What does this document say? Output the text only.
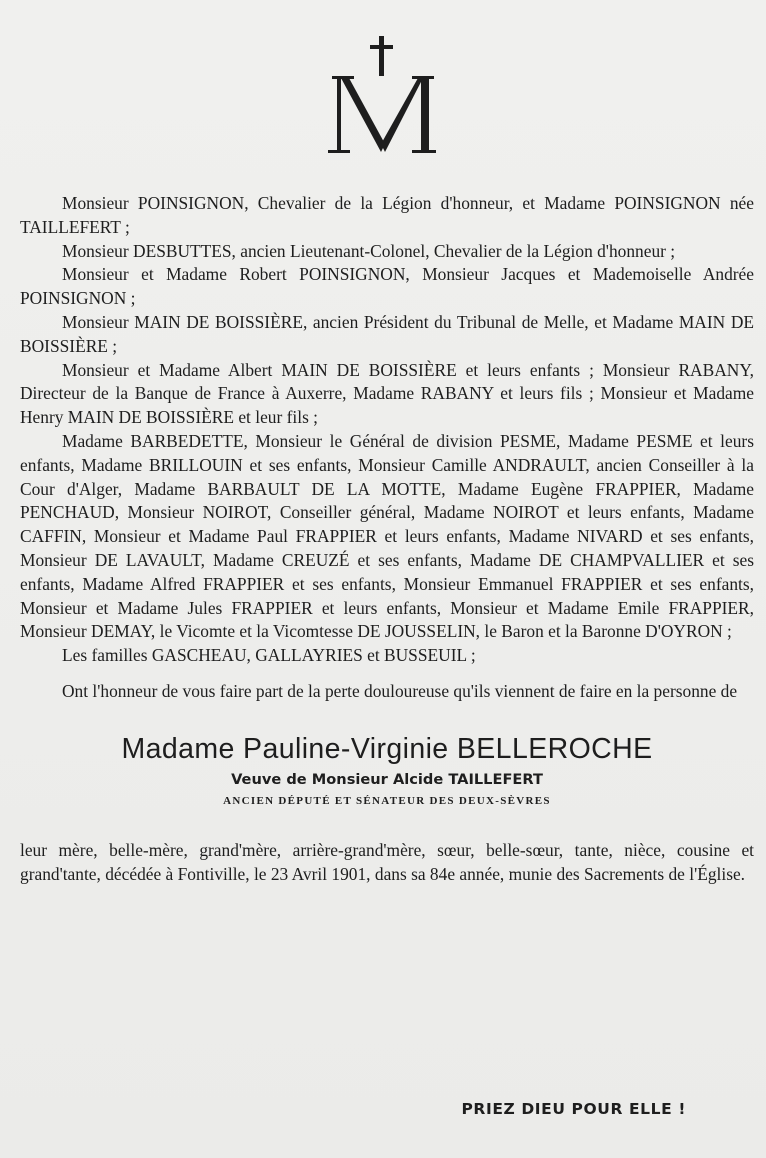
Monsieur POINSIGNON, Chevalier de la Légion d'honneur, et Madame POINSIGNON née TAILLEFERT ;

Monsieur DESBUTTES, ancien Lieutenant-Colonel, Chevalier de la Légion d'honneur ;

Monsieur et Madame Robert POINSIGNON, Monsieur Jacques et Mademoiselle Andrée POINSIGNON ;

Monsieur MAIN DE BOISSIÈRE, ancien Président du Tribunal de Melle, et Madame MAIN DE BOISSIÈRE ;

Monsieur et Madame Albert MAIN DE BOISSIÈRE et leurs enfants ; Monsieur RABANY, Directeur de la Banque de France à Auxerre, Madame RABANY et leurs fils ; Monsieur et Madame Henry MAIN DE BOISSIÈRE et leur fils ;

Madame BARBEDETTE, Monsieur le Général de division PESME, Madame PESME et leurs enfants, Madame BRILLOUIN et ses enfants, Monsieur Camille ANDRAULT, ancien Conseiller à la Cour d'Alger, Madame BARBAULT DE LA MOTTE, Madame Eugène FRAPPIER, Madame PENCHAUD, Monsieur NOIROT, Conseiller général, Madame NOIROT et leurs enfants, Madame CAFFIN, Monsieur et Madame Paul FRAPPIER et leurs enfants, Madame NIVARD et ses enfants, Monsieur DE LAVAULT, Madame CREUZÉ et ses enfants, Madame DE CHAMPVALLIER et ses enfants, Madame Alfred FRAPPIER et ses enfants, Monsieur Emmanuel FRAPPIER et ses enfants, Monsieur et Madame Jules FRAPPIER et leurs enfants, Monsieur et Madame Emile FRAPPIER, Monsieur DEMAY, le Vicomte et la Vicomtesse DE JOUSSELIN, le Baron et la Baronne D'OYRON ;

Les familles GASCHEAU, GALLAYRIES et BUSSEUIL ;

Ont l'honneur de vous faire part de la perte douloureuse qu'ils viennent de faire en la personne de

Madame Pauline-Virginie BELLEROCHE
Veuve de Monsieur Alcide TAILLEFERT
ANCIEN DÉPUTÉ ET SÉNATEUR DES DEUX-SÈVRES

leur mère, belle-mère, grand'mère, arrière-grand'mère, sœur, belle-sœur, tante, nièce, cousine et grand'tante, décédée à Fontiville, le 23 Avril 1901, dans sa 84e année, munie des Sacrements de l'Église.

PRIEZ DIEU POUR ELLE !
